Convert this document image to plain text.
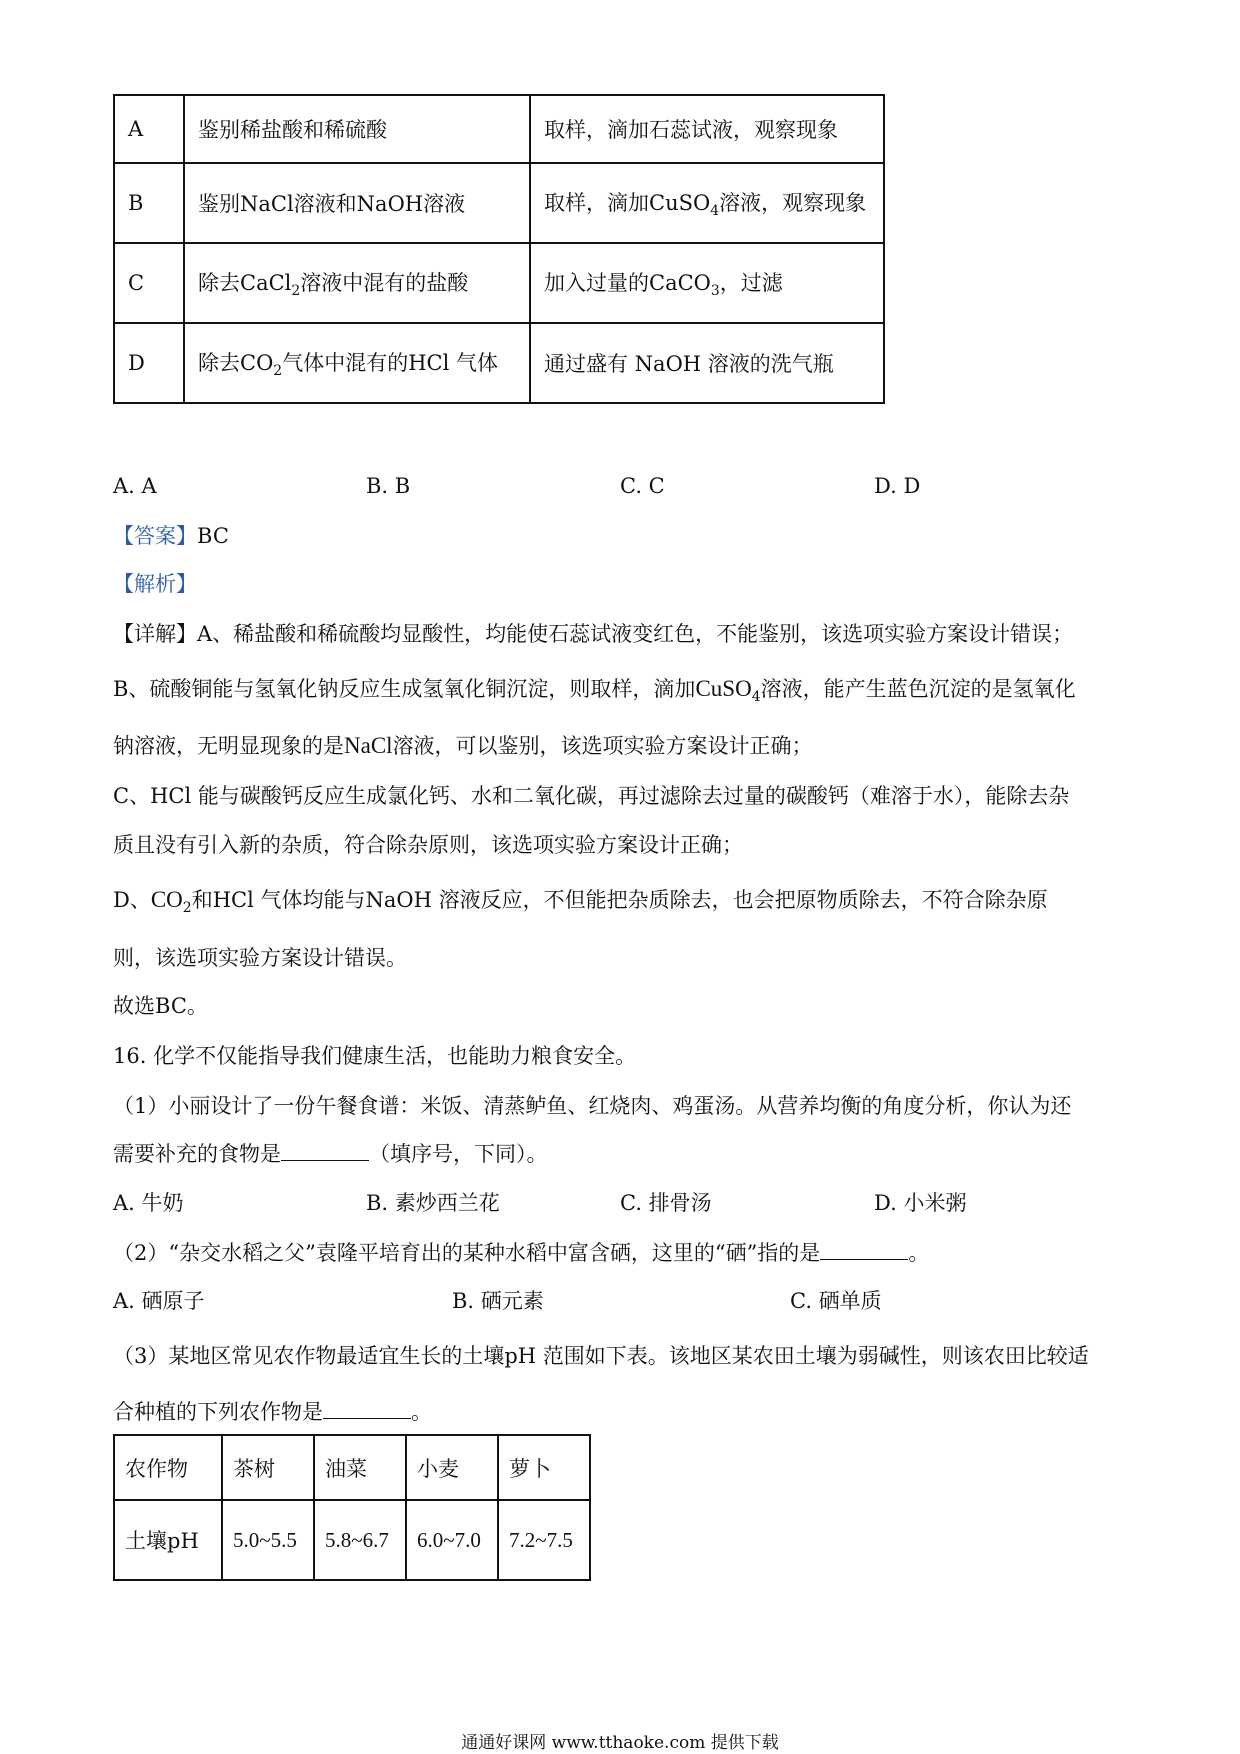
A	鉴别稀盐酸和稀硫酸	取样，滴加石蕊试液，观察现象
B	鉴别NaCl溶液和NaOH溶液	取样，滴加CuSO$_4$溶液，观察现象
C	除去CaCl$_2$溶液中混有的盐酸	加入过量的CaCO$_3$，过滤
D	除去$CO_2$气体中混有的HCl 气体	通过盛有 NaOH 溶液的洗气瓶
A. A	B. B	C. C	D. D
【答案】BC
【解析】
【详解】A、稀盐酸和稀硫酸均显酸性，均能使石蕊试液变红色，不能鉴别，该选项实验方案设计错误；
B、硫酸铜能与氢氧化钠反应生成氢氧化铜沉淀，则取样，滴加CuSO$_4$溶液，能产生蓝色沉淀的是氢氧化
钠溶液，无明显现象的是NaCl溶液，可以鉴别，该选项实验方案设计正确；
C、HCl 能与碳酸钙反应生成氯化钙、水和二氧化碳，再过滤除去过量的碳酸钙（难溶于水），能除去杂
质且没有引入新的杂质，符合除杂原则，该选项实验方案设计正确；
D、$CO_2$和HCl 气体均能与NaOH 溶液反应，不但能把杂质除去，也会把原物质除去，不符合除杂原
则，该选项实验方案设计错误。
故选BC。
16. 化学不仅能指导我们健康生活，也能助力粮食安全。
（1）小丽设计了一份午餐食谱：米饭、清蒸鲈鱼、红烧肉、鸡蛋汤。从营养均衡的角度分析，你认为还
需要补充的食物是	（填序号，下同）。
A. 牛奶	B. 素炒西兰花	C. 排骨汤	D. 小米粥
（2）“杂交水稻之父”袁隆平培育出的某种水稻中富含硒，这里的“硒”指的是	。
A. 硒原子	B. 硒元素	C. 硒单质
（3）某地区常见农作物最适宜生长的土壤pH 范围如下表。该地区某农田土壤为弱碱性，则该农田比较适
合种植的下列农作物是	。
农作物	茶树	油菜	小麦	萝卜
土壤pH	5.0~5.5	5.8~6.7	6.0~7.0	7.2~7.5
通通好课网 www.tthaoke.com 提供下载
